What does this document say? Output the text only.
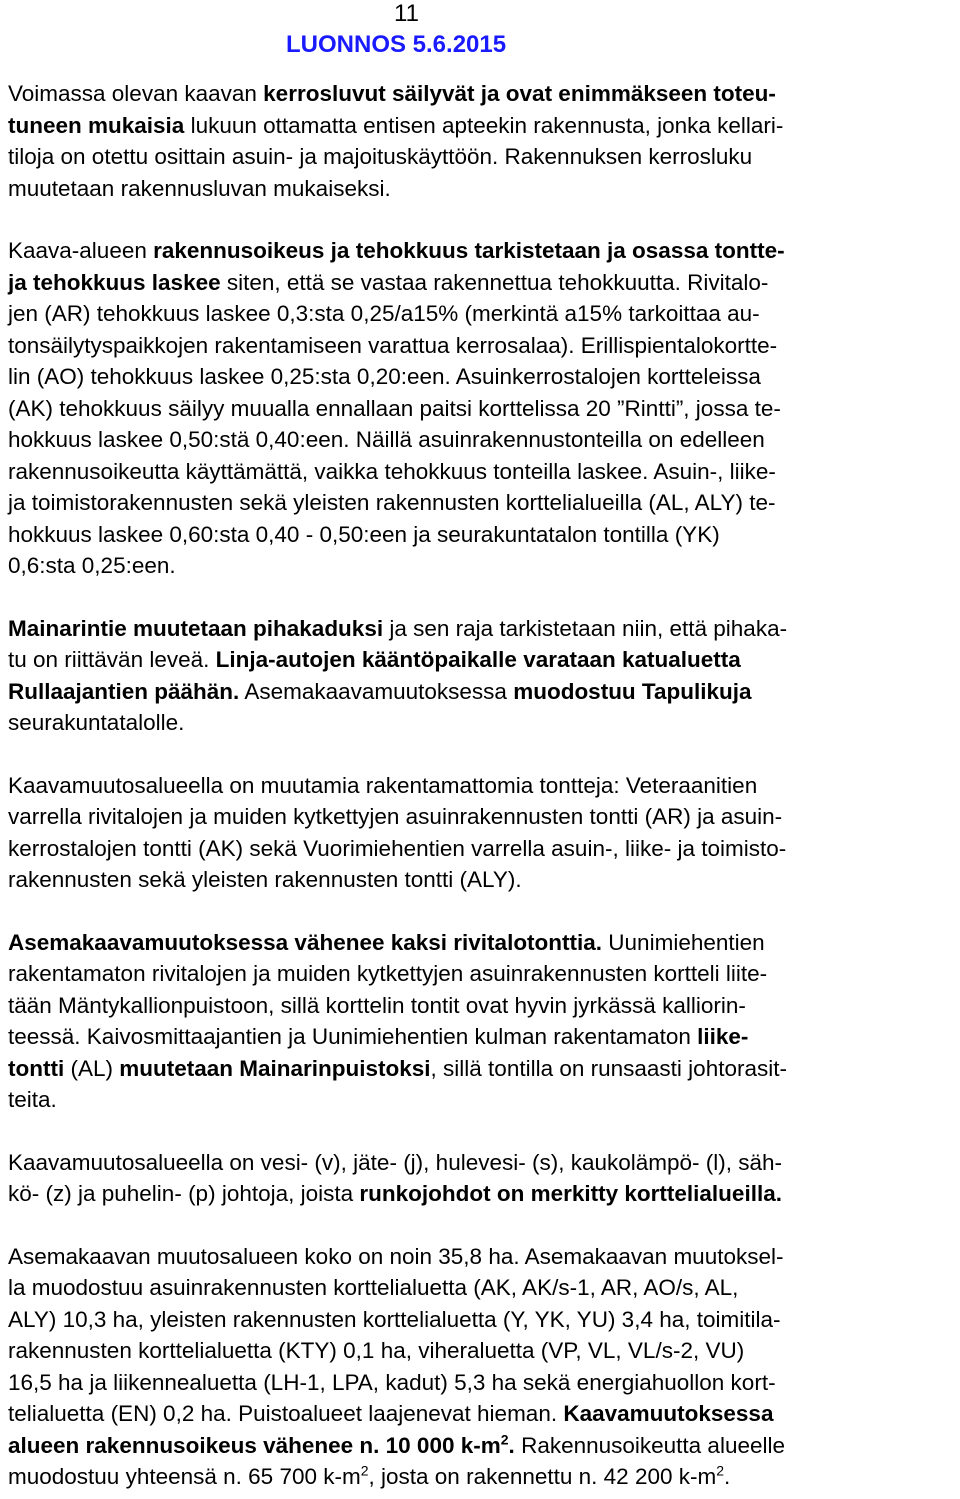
11
LUONNOS 5.6.2015

Voimassa olevan kaavan kerrosluvut säilyvät ja ovat enimmäkseen toteu-
tuneen mukaisia lukuun ottamatta entisen apteekin rakennusta, jonka kellari-
tiloja on otettu osittain asuin- ja majoituskäyttöön. Rakennuksen kerrosluku
muutetaan rakennusluvan mukaiseksi.

Kaava-alueen rakennusoikeus ja tehokkuus tarkistetaan ja osassa tontte-
ja tehokkuus laskee siten, että se vastaa rakennettua tehokkuutta. Rivitalo-
jen (AR) tehokkuus laskee 0,3:sta 0,25/a15% (merkintä a15% tarkoittaa au-
tonsäilytyspaikkojen rakentamiseen varattua kerrosalaa). Erillispientalokortte-
lin (AO) tehokkuus laskee 0,25:sta 0,20:een. Asuinkerrostalojen kortteleissa
(AK) tehokkuus säilyy muualla ennallaan paitsi korttelissa 20 ”Rintti”, jossa te-
hokkuus laskee 0,50:stä 0,40:een. Näillä asuinrakennustonteilla on edelleen
rakennusoikeutta käyttämättä, vaikka tehokkuus tonteilla laskee. Asuin-, liike-
ja toimistorakennusten sekä yleisten rakennusten korttelialueilla (AL, ALY) te-
hokkuus laskee 0,60:sta 0,40 - 0,50:een ja seurakuntatalon tontilla (YK)
0,6:sta 0,25:een.

Mainarintie muutetaan pihakaduksi ja sen raja tarkistetaan niin, että pihaka-
tu on riittävän leveä. Linja-autojen kääntöpaikalle varataan katualuetta
Rullaajantien päähän. Asemakaavamuutoksessa muodostuu Tapulikuja
seurakuntatalolle.

Kaavamuutosalueella on muutamia rakentamattomia tontteja: Veteraanitien
varrella rivitalojen ja muiden kytkettyjen asuinrakennusten tontti (AR) ja asuin-
kerrostalojen tontti (AK) sekä Vuorimiehentien varrella asuin-, liike- ja toimisto-
rakennusten sekä yleisten rakennusten tontti (ALY).

Asemakaavamuutoksessa vähenee kaksi rivitalotonttia. Uunimiehentien
rakentamaton rivitalojen ja muiden kytkettyjen asuinrakennusten kortteli liite-
tään Mäntykallionpuistoon, sillä korttelin tontit ovat hyvin jyrkässä kalliorin-
teessä. Kaivosmittaajantien ja Uunimiehentien kulman rakentamaton liike-
tontti (AL) muutetaan Mainarinpuistoksi, sillä tontilla on runsaasti johtorasit-
teita.

Kaavamuutosalueella on vesi- (v), jäte- (j), hulevesi- (s), kaukolämpö- (l), säh-
kö- (z) ja puhelin- (p) johtoja, joista runkojohdot on merkitty korttelialueilla.

Asemakaavan muutosalueen koko on noin 35,8 ha. Asemakaavan muutoksel-
la muodostuu asuinrakennusten korttelialuetta (AK, AK/s-1, AR, AO/s, AL,
ALY) 10,3 ha, yleisten rakennusten korttelialuetta (Y, YK, YU) 3,4 ha, toimitila-
rakennusten korttelialuetta (KTY) 0,1 ha, viheraluetta (VP, VL, VL/s-2, VU)
16,5 ha ja liikennealuetta (LH-1, LPA, kadut) 5,3 ha sekä energiahuollon kort-
telialuetta (EN) 0,2 ha. Puistoalueet laajenevat hieman. Kaavamuutoksessa
alueen rakennusoikeus vähenee n. 10 000 $k-m^2$. Rakennusoikeutta alueelle
muodostuu yhteensä n. 65 700 $k-m^2$, josta on rakennettu n. 42 200 $k-m^2$.
